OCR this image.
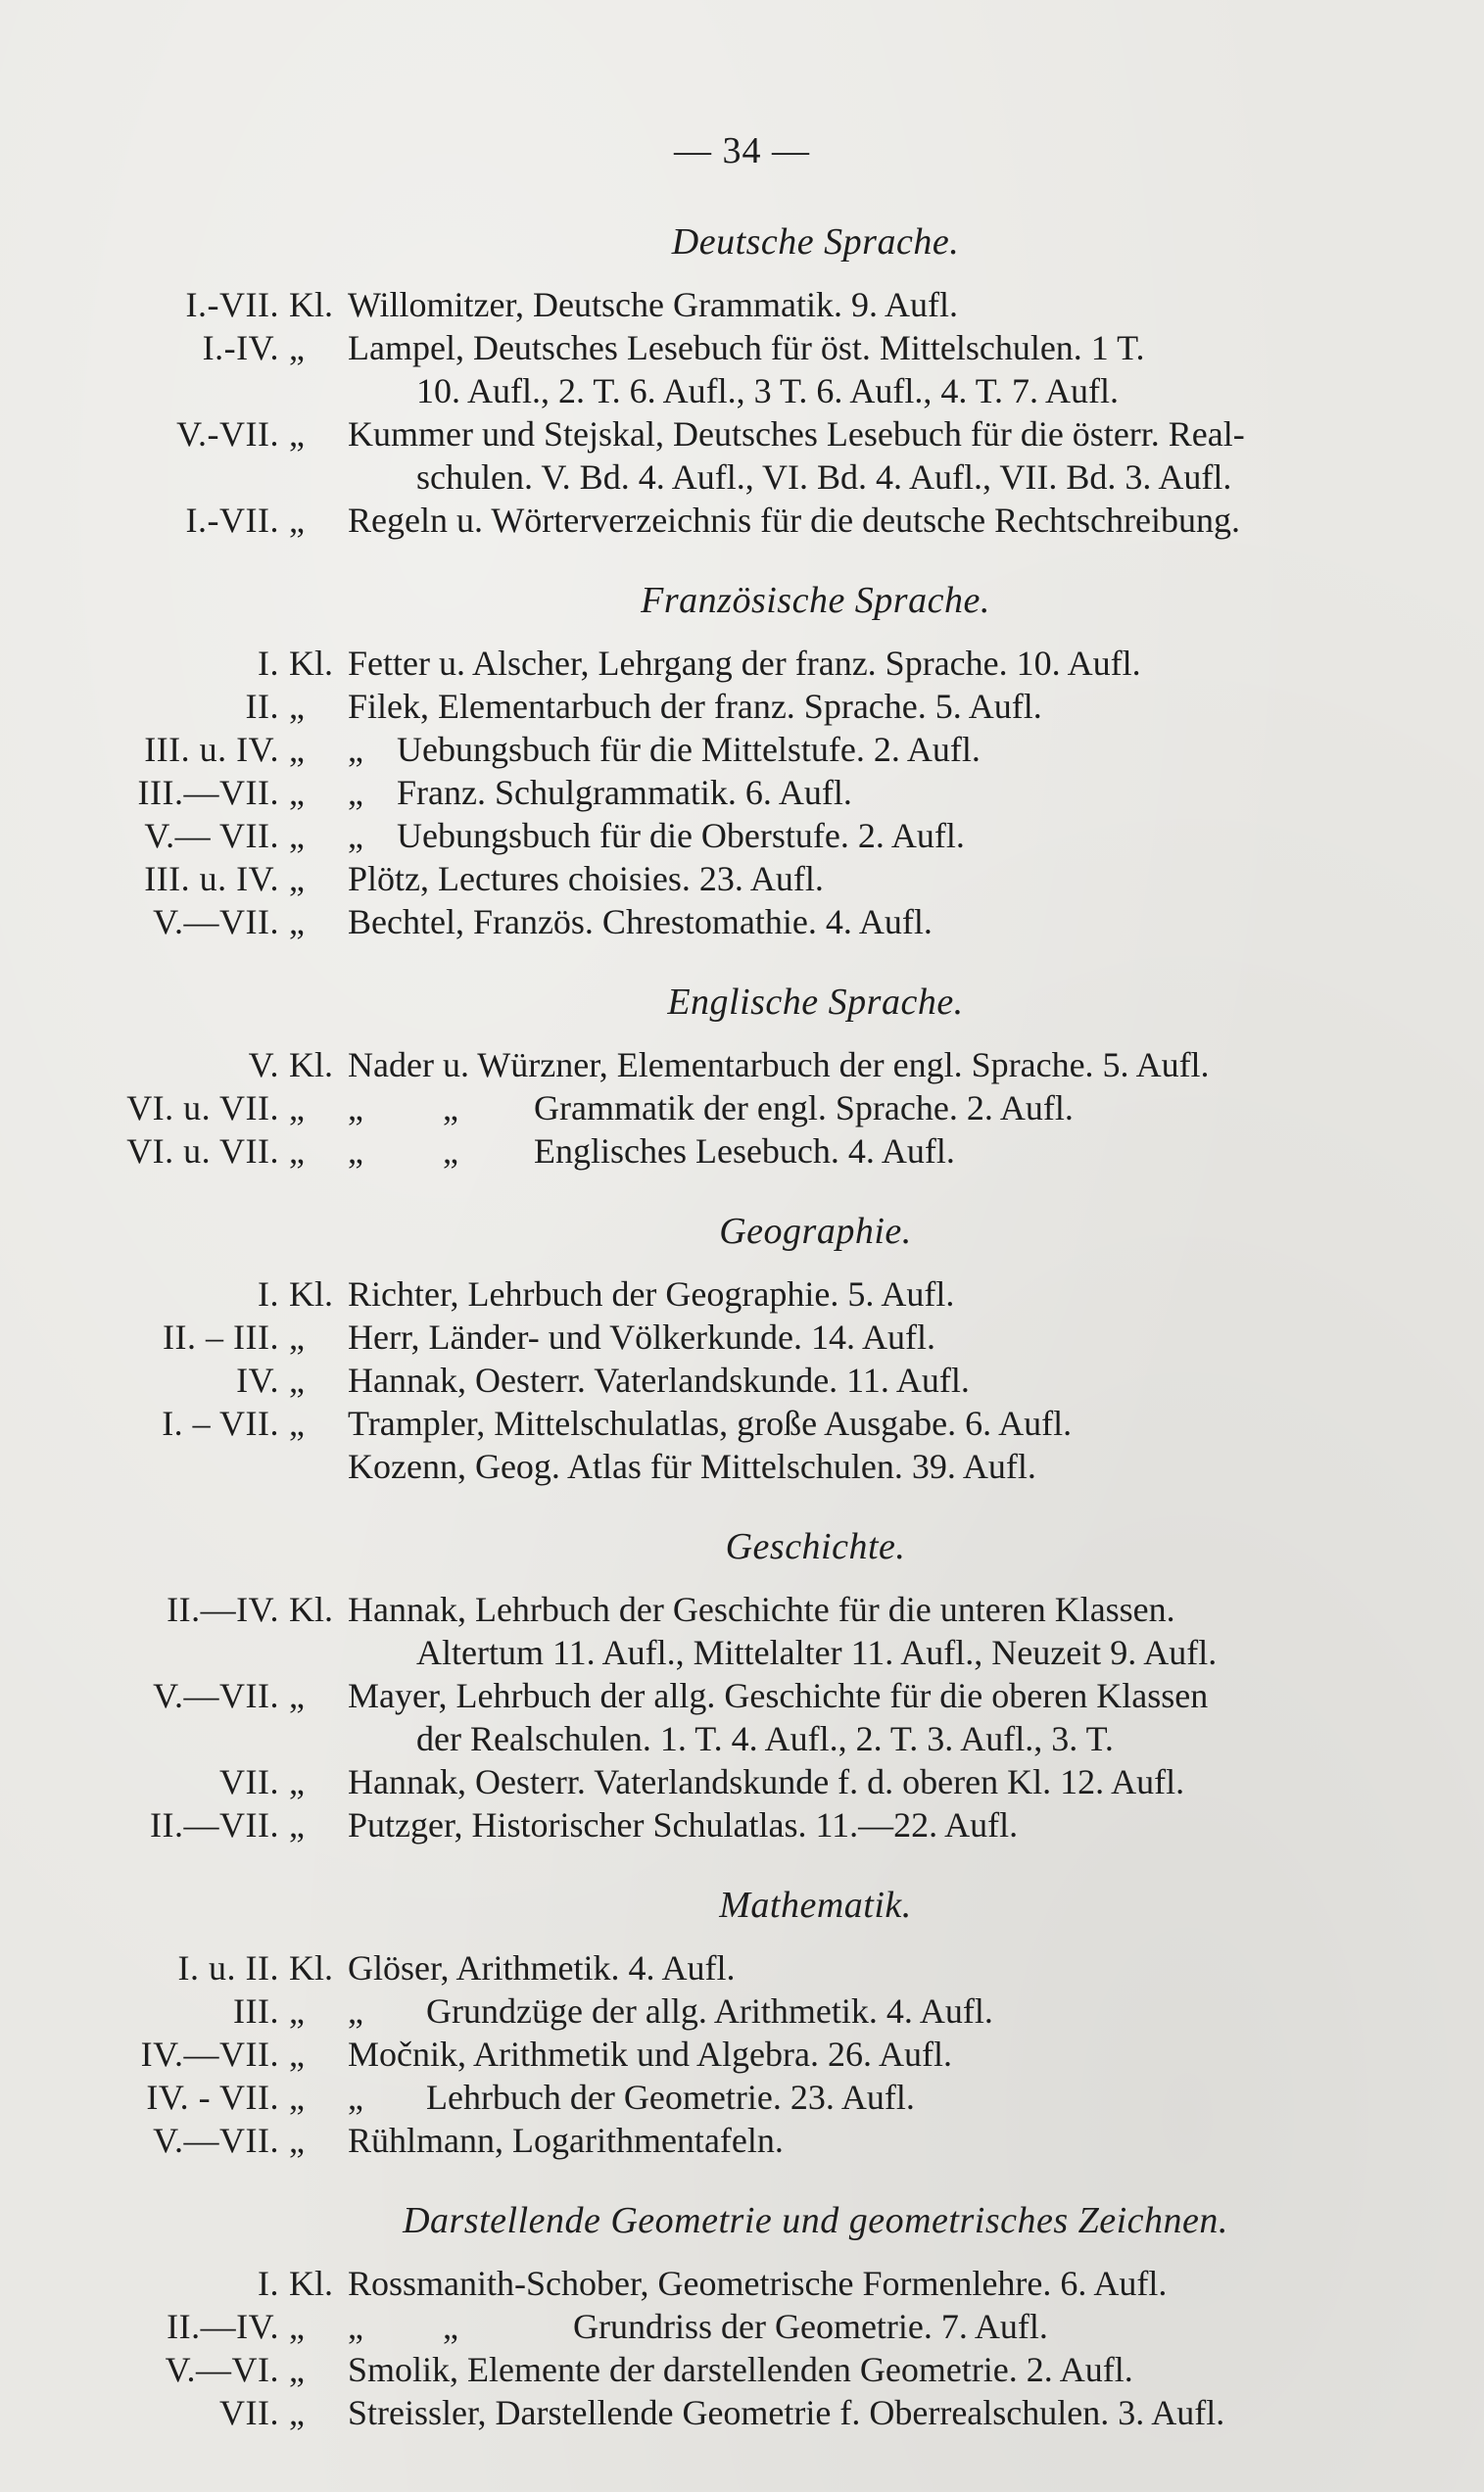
— 34 —
Deutsche Sprache.
I.-VII. Kl. Willomitzer, Deutsche Grammatik. 9. Aufl.
I.-IV. „	Lampel, Deutsches Lesebuch für öst. Mittelschulen. 1 T.
10. Aufl., 2. T. 6. Aufl., 3 T. 6. Aufl., 4. T. 7. Aufl.
V.-VII. „	Kummer und Stejskal, Deutsches Lesebuch für die österr. Real-
schulen. V. Bd. 4. Aufl., VI. Bd. 4. Aufl., VII. Bd. 3. Aufl.
I.-VII. „	Regeln u. Wörterverzeichnis für die deutsche Rechtschreibung.
Französische Sprache.
I. Kl. Fetter u. Alscher, Lehrgang der franz. Sprache. 10. Aufl.
II. „	Filek, Elementarbuch der franz. Sprache. 5. Aufl.
III. u. IV. „	„ Uebungsbuch für die Mittelstufe. 2. Aufl.
III.—VII. „	„ Franz. Schulgrammatik. 6. Aufl.
V.— VII. „	„ Uebungsbuch für die Oberstufe. 2. Aufl.
III. u. IV. „	Plötz, Lectures choisies. 23. Aufl.
V.—VII. „	Bechtel, Französ. Chrestomathie. 4. Aufl.
Englische Sprache.
V. Kl. Nader u. Würzner, Elementarbuch der engl. Sprache. 5. Aufl.
VI. u. VII. „	„         „ Grammatik der engl. Sprache. 2. Aufl.
VI. u. VII. „	„         „ Englisches Lesebuch. 4. Aufl.
Geographie.
I. Kl. Richter, Lehrbuch der Geographie. 5. Aufl.
II. – III. „	Herr, Länder- und Völkerkunde. 14. Aufl.
IV. „	Hannak, Oesterr. Vaterlandskunde. 11. Aufl.
I. – VII. „	Trampler, Mittelschulatlas, große Ausgabe. 6. Aufl.
Kozenn, Geog. Atlas für Mittelschulen. 39. Aufl.
Geschichte.
II.—IV. Kl. Hannak, Lehrbuch der Geschichte für die unteren Klassen.
Altertum 11. Aufl., Mittelalter 11. Aufl., Neuzeit 9. Aufl.
V.—VII. „	Mayer, Lehrbuch der allg. Geschichte für die oberen Klassen
der Realschulen. 1. T. 4. Aufl., 2. T. 3. Aufl., 3. T.
VII. „	Hannak, Oesterr. Vaterlandskunde f. d. oberen Kl. 12. Aufl.
II.—VII. „	Putzger, Historischer Schulatlas. 11.—22. Aufl.
Mathematik.
I. u. II. Kl. Glöser, Arithmetik. 4. Aufl.
III. „	„ Grundzüge der allg. Arithmetik. 4. Aufl.
IV.—VII. „	Močnik, Arithmetik und Algebra. 26. Aufl.
IV. - VII. „	„ Lehrbuch der Geometrie. 23. Aufl.
V.—VII. „	Rühlmann, Logarithmentafeln.
Darstellende Geometrie und geometrisches Zeichnen.
I. Kl. Rossmanith-Schober, Geometrische Formenlehre. 6. Aufl.
II.—IV. „	„         „	Grundriss der Geometrie. 7. Aufl.
V.—VI. „	Smolik, Elemente der darstellenden Geometrie. 2. Aufl.
VII. „	Streissler, Darstellende Geometrie f. Oberrealschulen. 3. Aufl.
